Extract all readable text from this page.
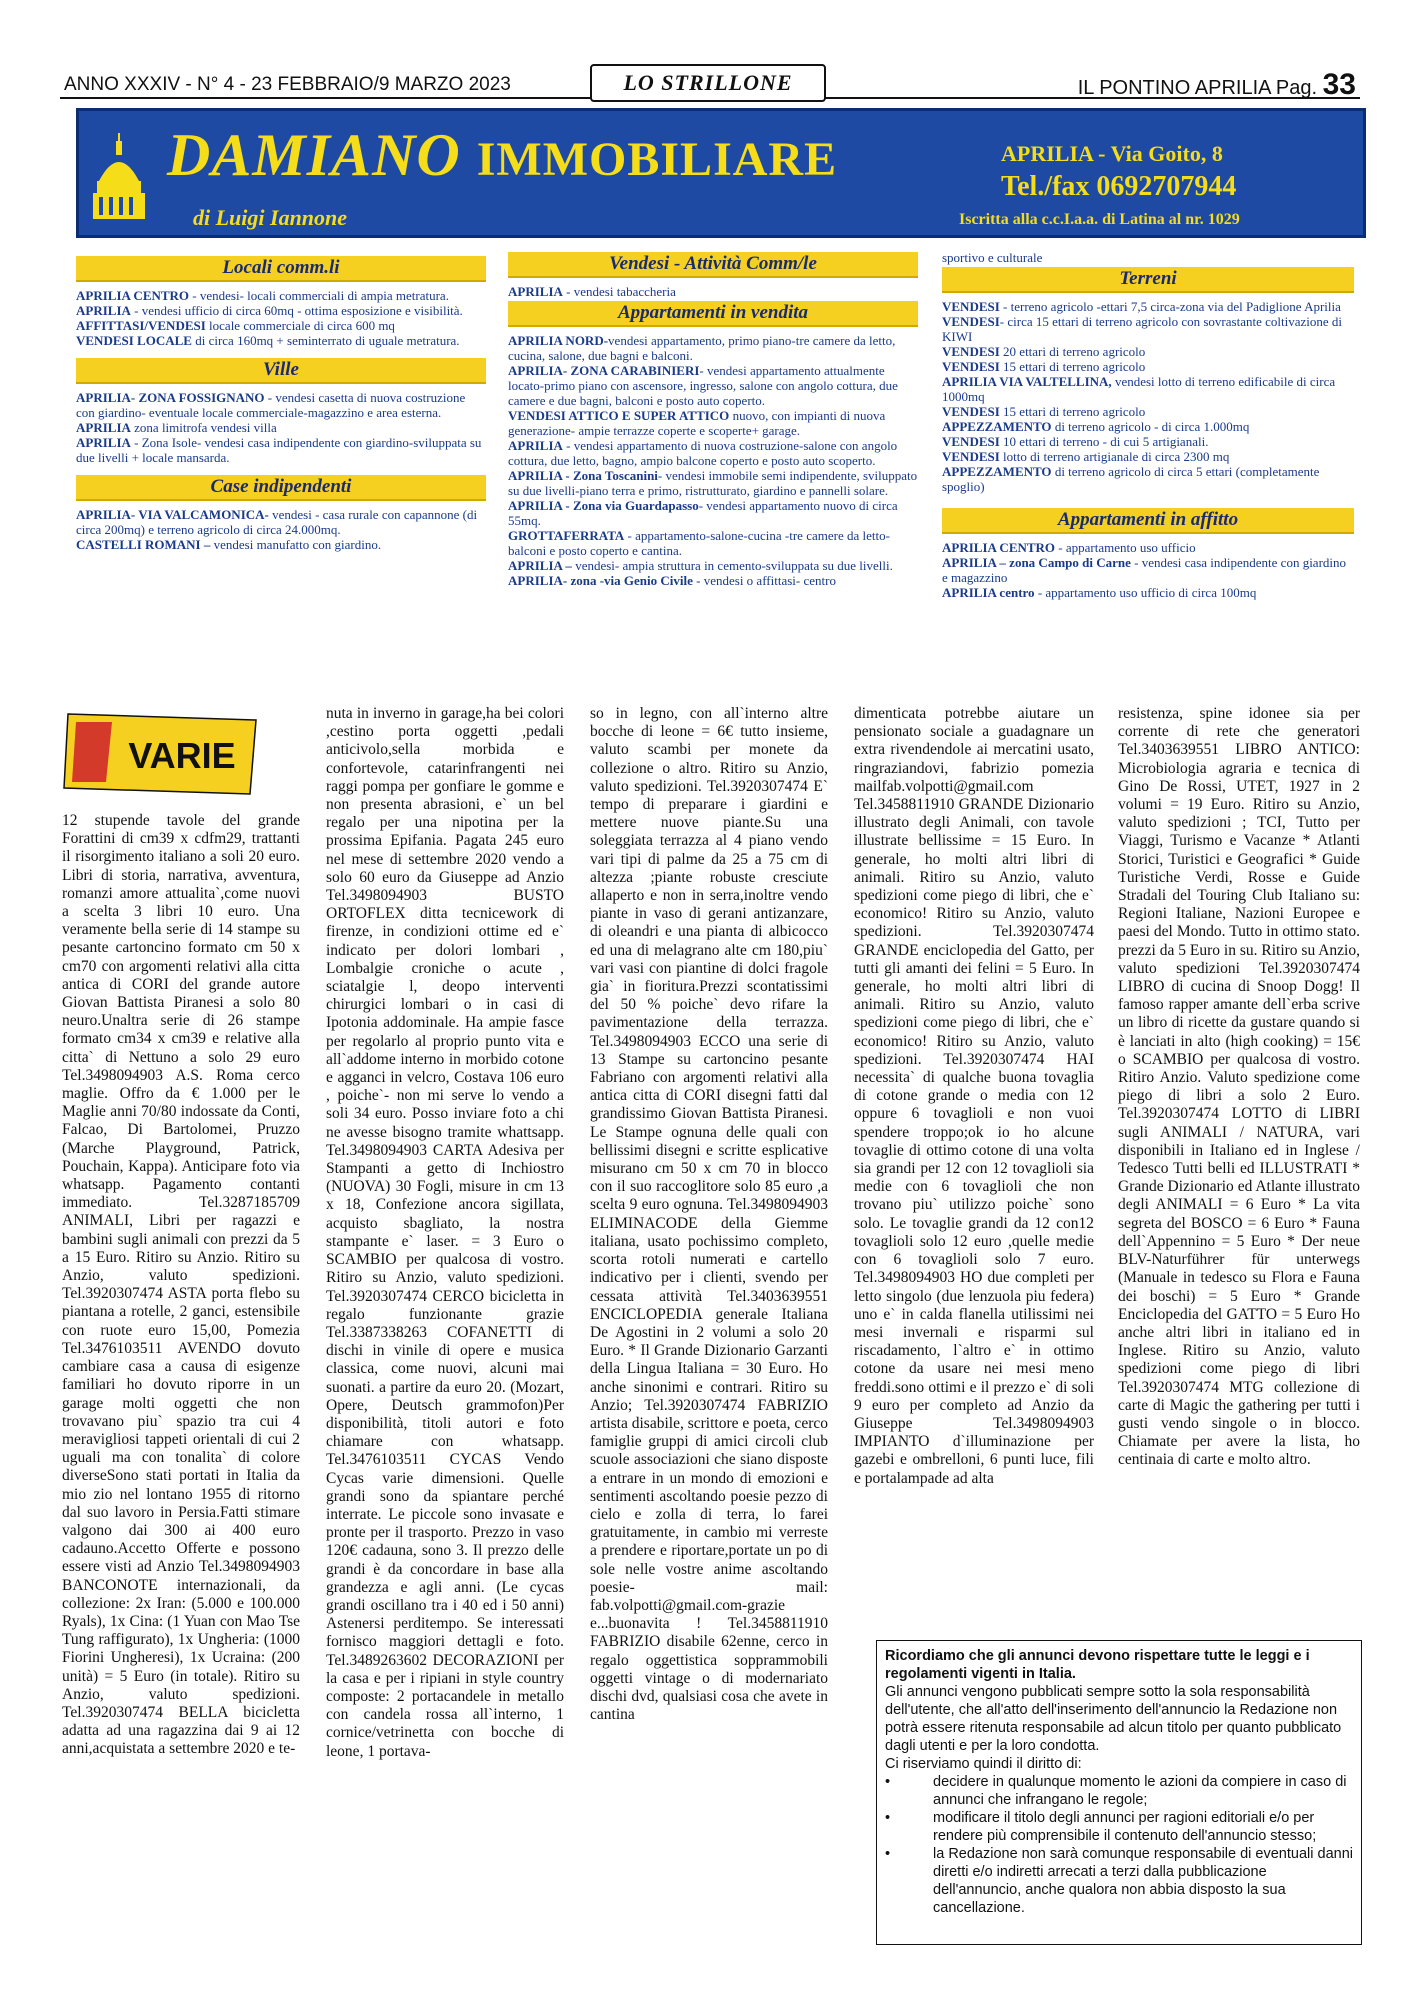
ANNO XXXIV - N° 4 - 23 FEBBRAIO/9 MARZO 2023	IL PONTINO APRILIA Pag. 33
LO STRILLONE
DAMIANO IMMOBILIARE
di Luigi Iannone
APRILIA - Via Goito, 8
Tel./fax 0692707944
Iscritta alla c.c.I.a.a. di Latina al nr. 1029
Locali comm.li

APRILIA CENTRO - vendesi- locali commerciali di ampia metratura.

APRILIA - vendesi ufficio di circa 60mq - ottima esposizione e visibilità.

AFFITTASI/VENDESI locale commerciale di circa 600 mq

VENDESI LOCALE di circa 160mq + seminterrato di uguale metratura.

Ville

APRILIA- ZONA FOSSIGNANO - vendesi casetta di nuova costruzione con giardino- eventuale locale commerciale-magazzino e area esterna.

APRILIA zona limitrofa vendesi villa

APRILIA - Zona Isole- vendesi casa indipendente con giardino-sviluppata su due livelli + locale mansarda.

Case indipendenti

APRILIA- VIA VALCAMONICA- vendesi - casa rurale con capannone (di circa 200mq) e terreno agricolo di circa 24.000mq.

CASTELLI ROMANI – vendesi manufatto con giardino.

Vendesi - Attività Comm/le

APRILIA - vendesi tabaccheria

Appartamenti in vendita

APRILIA NORD-vendesi appartamento, primo piano-tre camere da letto, cucina, salone, due bagni e balconi.

APRILIA- ZONA CARABINIERI- vendesi appartamento attualmente locato-primo piano con ascensore, ingresso, salone con angolo cottura, due camere e due bagni, balconi e posto auto coperto.

VENDESI ATTICO E SUPER ATTICO nuovo, con impianti di nuova generazione- ampie terrazze coperte e scoperte+ garage.

APRILIA - vendesi appartamento di nuova costruzione-salone con angolo cottura, due letto, bagno, ampio balcone coperto e posto auto scoperto.

APRILIA - Zona Toscanini- vendesi immobile semi indipendente, sviluppato su due livelli-piano terra e primo, ristrutturato, giardino e pannelli solare.

APRILIA - Zona via Guardapasso- vendesi appartamento nuovo di circa 55mq.

GROTTAFERRATA - appartamento-salone-cucina -tre camere da letto- balconi e posto coperto e cantina.

APRILIA – vendesi- ampia struttura in cemento-sviluppata su due livelli.

APRILIA- zona -via Genio Civile - vendesi o affittasi- centro

sportivo e culturale

Terreni

VENDESI - terreno agricolo -ettari 7,5 circa-zona via del Padiglione Aprilia

VENDESI- circa 15 ettari di terreno agricolo con sovrastante coltivazione di KIWI

VENDESI 20 ettari di terreno agricolo

VENDESI 15 ettari di terreno agricolo

APRILIA VIA VALTELLINA, vendesi lotto di terreno edificabile di circa 1000mq

VENDESI 15 ettari di terreno agricolo

APPEZZAMENTO di terreno agricolo - di circa 1.000mq

VENDESI 10 ettari di terreno - di cui 5 artigianali.

VENDESI lotto di terreno artigianale di circa 2300 mq

APPEZZAMENTO di terreno agricolo di circa 5 ettari (completamente spoglio)

Appartamenti in affitto

APRILIA CENTRO - appartamento uso ufficio

APRILIA – zona Campo di Carne - vendesi casa indipendente con giardino e magazzino

APRILIA centro - appartamento uso ufficio di circa 100mq

VARIE

12 stupende tavole del grande Forattini di cm39 x cdfm29, trattanti il risorgimento italiano a soli 20 euro. Libri di storia, narrativa, avventura, romanzi amore attualita`,come nuovi a scelta 3 libri 10 euro. Una veramente bella serie di 14 stampe su pesante cartoncino formato cm 50 x cm70 con argomenti relativi alla citta antica di CORI del grande autore Giovan Battista Piranesi a solo 80 neuro.Unaltra serie di 26 stampe formato cm34 x cm39 e relative alla citta` di Nettuno a solo 29 euro Tel.3498094903 A.S. Roma cerco maglie. Offro da € 1.000 per le Maglie anni 70/80 indossate da Conti, Falcao, Di Bartolomei, Pruzzo (Marche Playground, Patrick, Pouchain, Kappa). Anticipare foto via whatsapp. Pagamento contanti immediato. Tel.3287185709 ANIMALI, Libri per ragazzi e bambini sugli animali con prezzi da 5 a 15 Euro. Ritiro su Anzio. Ritiro su Anzio, valuto spedizioni. Tel.3920307474 ASTA porta flebo su piantana a rotelle, 2 ganci, estensibile con ruote euro 15,00, Pomezia Tel.3476103511 AVENDO dovuto cambiare casa a causa di esigenze familiari ho dovuto riporre in un garage molti oggetti che non trovavano piu` spazio tra cui 4 meravigliosi tappeti orientali di cui 2 uguali ma con tonalita` di colore diverseSono stati portati in Italia da mio zio nel lontano 1955 di ritorno dal suo lavoro in Persia.Fatti stimare valgono dai 300 ai 400 euro cadauno.Accetto Offerte e possono essere visti ad Anzio Tel.3498094903 BANCONOTE internazionali, da collezione: 2x Iran: (5.000 e 100.000 Ryals), 1x Cina: (1 Yuan con Mao Tse Tung raffigurato), 1x Ungheria: (1000 Fiorini Ungheresi), 1x Ucraina: (200 unità) = 5 Euro (in totale). Ritiro su Anzio, valuto spedizioni. Tel.3920307474 BELLA bicicletta adatta ad una ragazzina dai 9 ai 12 anni,acquistata a settembre 2020 e te-

nuta in inverno in garage,ha bei colori ,cestino porta oggetti ,pedali anticivolo,sella morbida e confortevole, catarinfrangenti nei raggi pompa per gonfiare le gomme e non presenta abrasioni, e` un bel regalo per una nipotina per la prossima Epifania. Pagata 245 euro nel mese di settembre 2020 vendo a solo 60 euro da Giuseppe ad Anzio Tel.3498094903 BUSTO ORTOFLEX ditta tecnicework di firenze, in condizioni ottime ed e` indicato per dolori lombari , Lombalgie croniche o acute , sciatalgie l, deopo interventi chirurgici lombari o in casi di Ipotonia addominale. Ha ampie fasce per regolarlo al proprio punto vita e all`addome interno in morbido cotone e agganci in velcro, Costava 106 euro , poiche`- non mi serve lo vendo a soli 34 euro. Posso inviare foto a chi ne avesse bisogno tramite whattsapp. Tel.3498094903 CARTA Adesiva per Stampanti a getto di Inchiostro (NUOVA) 30 Fogli, misure in cm 13 x 18, Confezione ancora sigillata, acquisto sbagliato, la nostra stampante e` laser. = 3 Euro o SCAMBIO per qualcosa di vostro. Ritiro su Anzio, valuto spedizioni. Tel.3920307474 CERCO bicicletta in regalo funzionante grazie Tel.3387338263 COFANETTI di dischi in vinile di opere e musica classica, come nuovi, alcuni mai suonati. a partire da euro 20. (Mozart, Opere, Deutsch grammofon)Per disponibilità, titoli autori e foto chiamare con whatsapp. Tel.3476103511 CYCAS Vendo Cycas varie dimensioni. Quelle grandi sono da spiantare perché interrate. Le piccole sono invasate e pronte per il trasporto. Prezzo in vaso 120€ cadauna, sono 3. Il prezzo delle grandi è da concordare in base alla grandezza e agli anni. (Le cycas grandi oscillano tra i 40 ed i 50 anni) Astenersi perditempo. Se interessati fornisco maggiori dettagli e foto. Tel.3489263602 DECORAZIONI per la casa e per i ripiani in style country composte: 2 portacandele in metallo con candela rossa all`interno, 1 cornice/vetrinetta con bocche di leone, 1 portava-

so in legno, con all`interno altre bocche di leone = 6€ tutto insieme, valuto scambi per monete da collezione o altro. Ritiro su Anzio, valuto spedizioni. Tel.3920307474 E` tempo di preparare i giardini e mettere nuove piante.Su una soleggiata terrazza al 4 piano vendo vari tipi di palme da 25 a 75 cm di altezza ;piante robuste cresciute allaperto e non in serra,inoltre vendo piante in vaso di gerani antizanzare, di oleandri e una pianta di albicocco ed una di melagrano alte cm 180,piu` vari vasi con piantine di dolci fragole gia` in fioritura.Prezzi scontatissimi del 50 % poiche` devo rifare la pavimentazione della terrazza. Tel.3498094903 ECCO una serie di 13 Stampe su cartoncino pesante Fabriano con argomenti relativi alla antica citta di CORI disegni fatti dal grandissimo Giovan Battista Piranesi. Le Stampe ognuna delle quali con bellissimi disegni e scritte esplicative misurano cm 50 x cm 70 in blocco con il suo raccoglitore solo 85 euro ,a scelta 9 euro ognuna. Tel.3498094903 ELIMINACODE della Giemme italiana, usato pochissimo completo, scorta rotoli numerati e cartello indicativo per i clienti, svendo per cessata attività Tel.3403639551 ENCICLOPEDIA generale Italiana De Agostini in 2 volumi a solo 20 Euro. * Il Grande Dizionario Garzanti della Lingua Italiana = 30 Euro. Ho anche sinonimi e contrari. Ritiro su Anzio; Tel.3920307474 FABRIZIO artista disabile, scrittore e poeta, cerco famiglie gruppi di amici circoli club scuole associazioni che siano disposte a entrare in un mondo di emozioni e sentimenti ascoltando poesie pezzo di cielo e zolla di terra, lo farei gratuitamente, in cambio mi verreste a prendere e riportare,portate un po di sole nelle vostre anime ascoltando poesie- mail: fab.volpotti@gmail.com-grazie e...buonavita ! Tel.3458811910 FABRIZIO disabile 62enne, cerco in regalo oggettistica sopprammobili oggetti vintage o di modernariato dischi dvd, qualsiasi cosa che avete in cantina

dimenticata potrebbe aiutare un pensionato sociale a guadagnare un extra rivendendole ai mercatini usato, ringraziandovi, fabrizio pomezia mailfab.volpotti@gmail.com Tel.3458811910 GRANDE Dizionario illustrato degli Animali, con tavole illustrate bellissime = 15 Euro. In generale, ho molti altri libri di animali. Ritiro su Anzio, valuto spedizioni come piego di libri, che e` economico! Ritiro su Anzio, valuto spedizioni. Tel.3920307474 GRANDE enciclopedia del Gatto, per tutti gli amanti dei felini = 5 Euro. In generale, ho molti altri libri di animali. Ritiro su Anzio, valuto spedizioni come piego di libri, che e` economico! Ritiro su Anzio, valuto spedizioni. Tel.3920307474 HAI necessita` di qualche buona tovaglia di cotone grande o media con 12 oppure 6 tovaglioli e non vuoi spendere troppo;ok io ho alcune tovaglie di ottimo cotone di una volta sia grandi per 12 con 12 tovaglioli sia medie con 6 tovaglioli che non trovano piu` utilizzo poiche` sono solo. Le tovaglie grandi da 12 con12 tovaglioli solo 12 euro ,quelle medie con 6 tovaglioli solo 7 euro. Tel.3498094903 HO due completi per letto singolo (due lenzuola piu federa) uno e` in calda flanella utilissimi nei mesi invernali e risparmi sul riscadamento, l`altro e` in ottimo cotone da usare nei mesi meno freddi.sono ottimi e il prezzo e` di soli 9 euro per completo ad Anzio da Giuseppe Tel.3498094903 IMPIANTO d`illuminazione per gazebi e ombrelloni, 6 punti luce, fili e portalampade ad alta

resistenza, spine idonee sia per corrente di rete che generatori Tel.3403639551 LIBRO ANTICO: Microbiologia agraria e tecnica di Gino De Rossi, UTET, 1927 in 2 volumi = 19 Euro. Ritiro su Anzio, valuto spedizioni ; TCI, Tutto per Viaggi, Turismo e Vacanze * Atlanti Storici, Turistici e Geografici * Guide Turistiche Verdi, Rosse e Guide Stradali del Touring Club Italiano su: Regioni Italiane, Nazioni Europee e paesi del Mondo. Tutto in ottimo stato. prezzi da 5 Euro in su. Ritiro su Anzio, valuto spedizioni Tel.3920307474 LIBRO di cucina di Snoop Dogg! Il famoso rapper amante dell`erba scrive un libro di ricette da gustare quando si è lanciati in alto (high cooking) = 15€ o SCAMBIO per qualcosa di vostro. Ritiro Anzio. Valuto spedizione come piego di libri a solo 2 Euro. Tel.3920307474 LOTTO di LIBRI sugli ANIMALI / NATURA, vari disponibili in Italiano ed in Inglese / Tedesco Tutti belli ed ILLUSTRATI * Grande Dizionario ed Atlante illustrato degli ANIMALI = 6 Euro * La vita segreta del BOSCO = 6 Euro * Fauna dell`Appennino = 5 Euro * Der neue BLV-Naturführer für unterwegs (Manuale in tedesco su Flora e Fauna dei boschi) = 5 Euro * Grande Enciclopedia del GATTO = 5 Euro Ho anche altri libri in italiano ed in Inglese. Ritiro su Anzio, valuto spedizioni come piego di libri Tel.3920307474 MTG collezione di carte di Magic the gathering per tutti i gusti vendo singole o in blocco. Chiamate per avere la lista, ho centinaia di carte e molto altro.

Ricordiamo che gli annunci devono rispettare tutte le leggi e i regolamenti vigenti in Italia.

Gli annunci vengono pubblicati sempre sotto la sola responsabilità dell'utente, che all'atto dell'inserimento dell'annuncio la Redazione non potrà essere ritenuta responsabile ad alcun titolo per quanto pubblicato dagli utenti e per la loro condotta.

Ci riserviamo quindi il diritto di:

•	decidere in qualunque momento le azioni da compiere in caso di annunci che infrangano le regole;
•	modificare il titolo degli annunci per ragioni editoriali e/o per rendere più comprensibile il contenuto dell'annuncio stesso;
•	la Redazione non sarà comunque responsabile di eventuali danni diretti e/o indiretti arrecati a terzi dalla pubblicazione dell'annuncio, anche qualora non abbia disposto la sua cancellazione.
